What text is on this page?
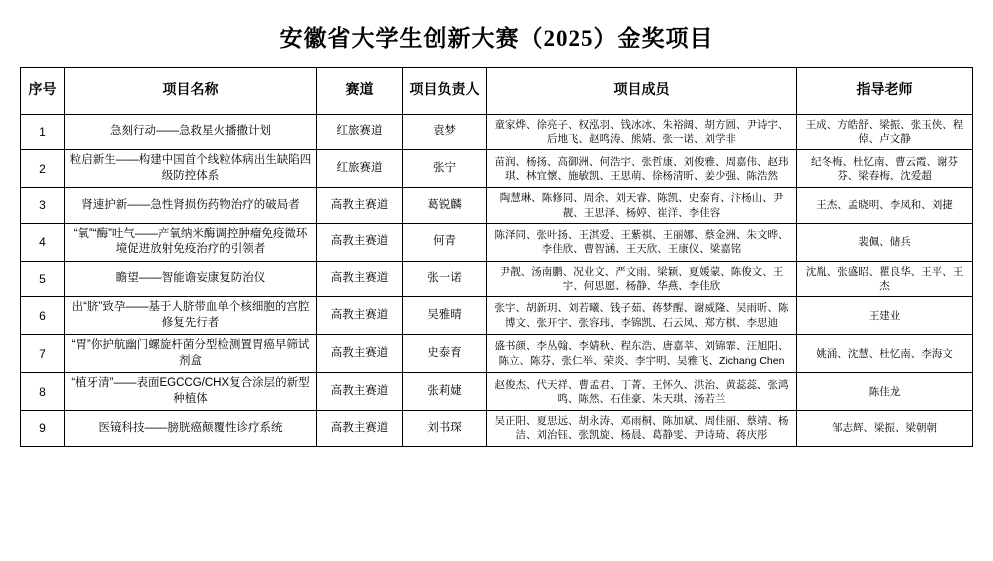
安徽省大学生创新大赛（2025）金奖项目
序号	项目名称	赛道	项目负责人	项目成员	指导老师
1	急刻行动——急救星火播撒计划	红旅赛道	袁梦	童家烨、徐亮子、权泓羽、钱冰冰、朱裕阔、胡方圆、尹诗宇、后地飞、赵鸣涛、熊婧、张一诺、刘学非	王成、方皓舒、梁振、张玉侠、程倬、卢文静
2	粒启新生——构建中国首个线粒体病出生缺陷四级防控体系	红旅赛道	张宁	苗润、杨扬、高御洲、何浩宇、张哲康、刘俊雅、周嘉伟、赵玮琪、林宜懷、施敏凯、王思萌、徐杨清昕、姜少强、陈浩然	纪冬梅、杜忆南、曹云霞、谢芬芬、梁春梅、沈爱超
3	肾速护新——急性肾损伤药物治疗的破局者	高教主赛道	葛锐麟	陶慧琳、陈修同、周余、刘天睿、陈凯、史泰育、汴杨山、尹靓、王思泽、杨婷、崔洋、李佳容	王杰、孟晓明、李凤和、刘捷
4	“氧”“酶”吐气——产氧纳米酶调控肿瘤免疫微环境促进放射免疫治疗的引领者	高教主赛道	何青	陈泽同、张叶扬、王淇爱、王紫祺、王丽娜、蔡金洲、朱文晔、李佳欣、曹智涵、王天欣、王康仪、梁嘉铭	裴佩、储兵
5	瞻望——智能谵妄康复防治仪	高教主赛道	张一诺	尹靓、汤南鹏、况业文、严文雨、梁颖、夏媛蒙、陈俊文、王宇、何思愿、杨静、华燕、李佳欣	沈胤、张盛昭、瞿良华、王平、王杰
6	出“脐”致孕——基于人脐带血单个核细胞的宫腔修复先行者	高教主赛道	吴雅晴	张宇、胡新玥、刘若曦、钱子茹、蒋梦醒、谢威隆、吴雨昕、陈博文、张开宇、张容玮、李锦凯、石云凤、郑方棋、李思迪	王建业
7	“胃”你护航幽门螺旋杆菌分型检测置胃癌早筛试剂盒	高教主赛道	史泰育	盛书颜、李丛翰、李婧秋、程东浩、唐嘉莘、刘锦霏、汪旭阳、陈立、陈芬、张仁举、荣炎、李宇明、吴雅飞、Zichang Chen	姚涌、沈慧、杜忆南、李海文
8	“植牙清”——表面EGCCG/CHX复合涂层的新型种植体	高教主赛道	张莉婕	赵俊杰、代天祥、曹孟君、丁菁、王怀久、洪治、黄蕊蕊、张鸿鸣、陈然、石佳豪、朱天琪、汤若兰	陈佳龙
9	医镜科技——膀胱癌颠覆性诊疗系统	高教主赛道	刘书琛	吴正阳、夏思远、胡永涛、邓雨桐、陈加斌、周佳丽、蔡靖、杨洁、刘治钰、张凯旋、杨晨、葛静雯、尹诗琦、蒋庆彤	邹志辉、梁振、梁朝朝
